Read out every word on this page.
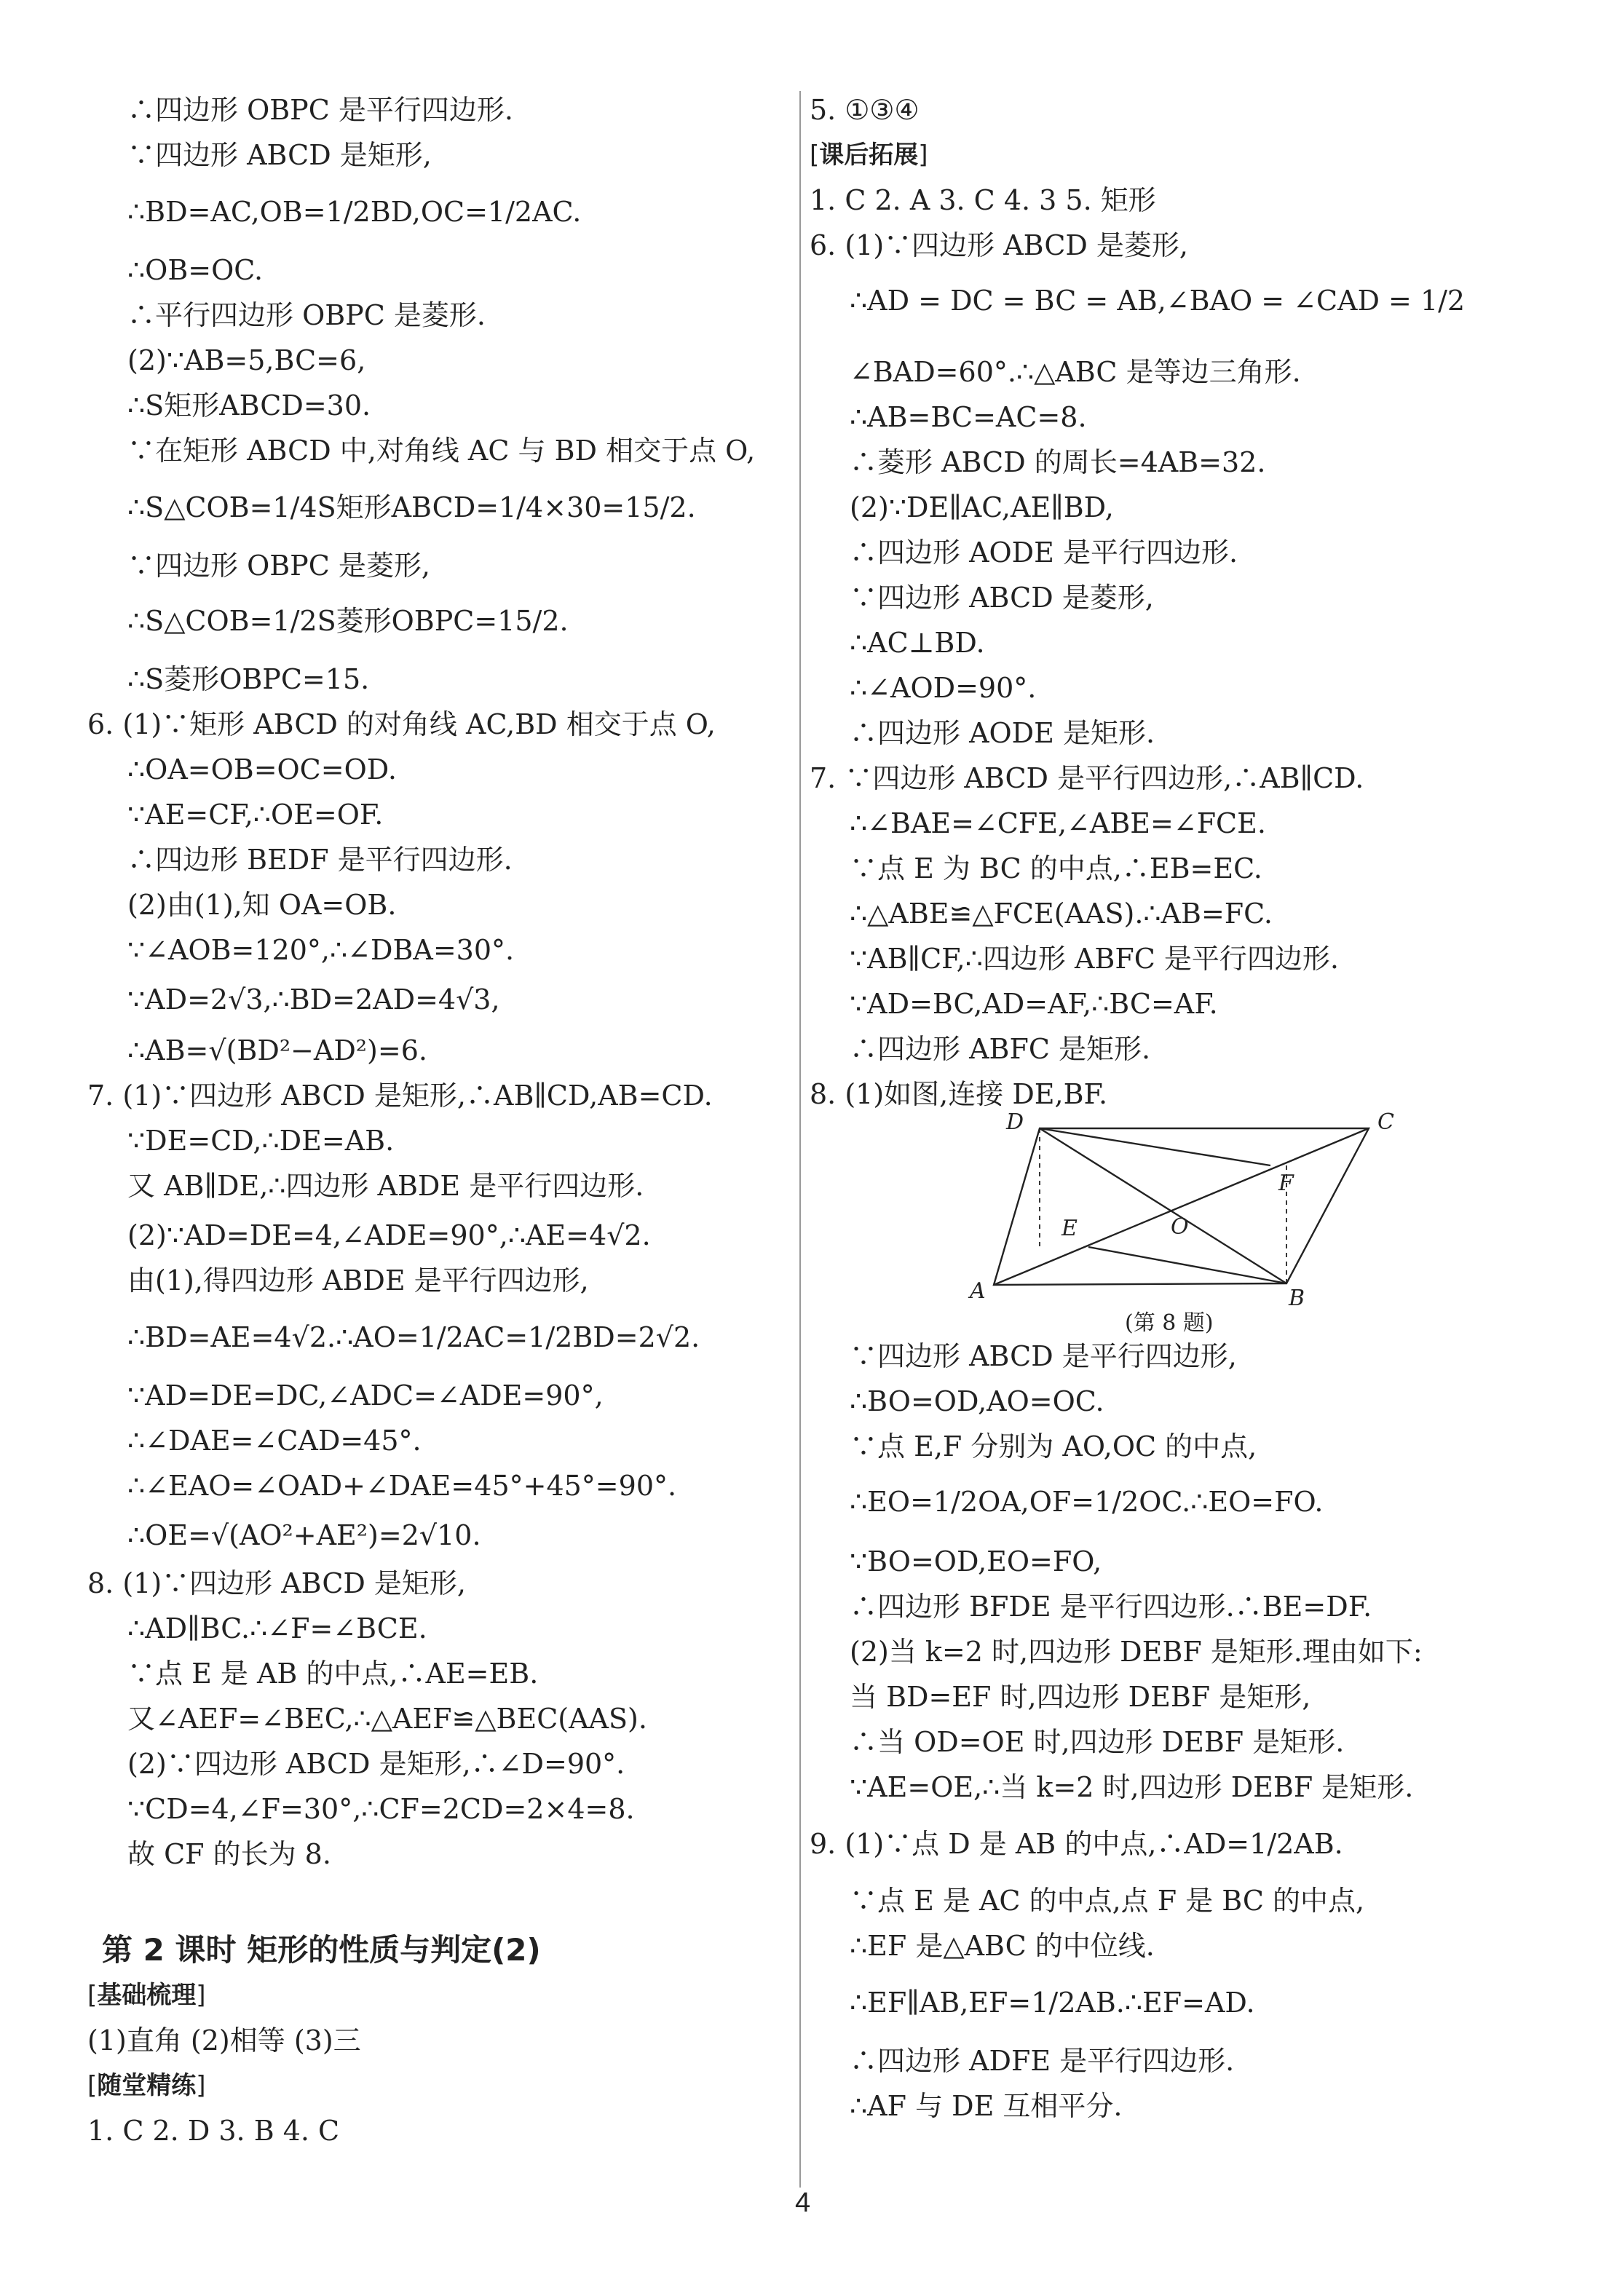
∴四边形 OBPC 是平行四边形.
∵四边形 ABCD 是矩形,
∴BD=AC,OB=1/2BD,OC=1/2AC.
∴OB=OC.
∴平行四边形 OBPC 是菱形.
(2)∵AB=5,BC=6,
∴S矩形ABCD=30.
∵在矩形 ABCD 中,对角线 AC 与 BD 相交于点 O,
∴S△COB=1/4S矩形ABCD=1/4×30=15/2.
∵四边形 OBPC 是菱形,
∴S△COB=1/2S菱形OBPC=15/2.
∴S菱形OBPC=15.
6. (1)∵矩形 ABCD 的对角线 AC,BD 相交于点 O,
∴OA=OB=OC=OD.
∵AE=CF,∴OE=OF.
∴四边形 BEDF 是平行四边形.
(2)由(1),知 OA=OB.
∵∠AOB=120°,∴∠DBA=30°.
∵AD=2√3,∴BD=2AD=4√3,
∴AB=√(BD²−AD²)=6.
7. (1)∵四边形 ABCD 是矩形,∴AB∥CD,AB=CD.
∵DE=CD,∴DE=AB.
又 AB∥DE,∴四边形 ABDE 是平行四边形.
(2)∵AD=DE=4,∠ADE=90°,∴AE=4√2.
由(1),得四边形 ABDE 是平行四边形,
∴BD=AE=4√2.∴AO=1/2AC=1/2BD=2√2.
∵AD=DE=DC,∠ADC=∠ADE=90°,
∴∠DAE=∠CAD=45°.
∴∠EAO=∠OAD+∠DAE=45°+45°=90°.
∴OE=√(AO²+AE²)=2√10.
8. (1)∵四边形 ABCD 是矩形,
∴AD∥BC.∴∠F=∠BCE.
∵点 E 是 AB 的中点,∴AE=EB.
又∠AEF=∠BEC,∴△AEF≌△BEC(AAS).
(2)∵四边形 ABCD 是矩形,∴∠D=90°.
∵CD=4,∠F=30°,∴CF=2CD=2×4=8.
故 CF 的长为 8.
5. ①③④
1. C 2. A 3. C 4. 3 5. 矩形
6. (1)∵四边形 ABCD 是菱形,
∴AD = DC = BC = AB,∠BAO = ∠CAD = 1/2
∠BAD=60°.∴△ABC 是等边三角形.
∴AB=BC=AC=8.
∴菱形 ABCD 的周长=4AB=32.
(2)∵DE∥AC,AE∥BD,
∴四边形 AODE 是平行四边形.
∵四边形 ABCD 是菱形,
∴AC⊥BD.
∴∠AOD=90°.
∴四边形 AODE 是矩形.
7. ∵四边形 ABCD 是平行四边形,∴AB∥CD.
∴∠BAE=∠CFE,∠ABE=∠FCE.
∵点 E 为 BC 的中点,∴EB=EC.
∴△ABE≌△FCE(AAS).∴AB=FC.
∵AB∥CF,∴四边形 ABFC 是平行四边形.
∵AD=BC,AD=AF,∴BC=AF.
∴四边形 ABFC 是矩形.
8. (1)如图,连接 DE,BF.
∵四边形 ABCD 是平行四边形,
∴BO=OD,AO=OC.
∵点 E,F 分别为 AO,OC 的中点,
∴EO=1/2OA,OF=1/2OC.∴EO=FO.
∵BO=OD,EO=FO,
∴四边形 BFDE 是平行四边形.∴BE=DF.
(2)当 k=2 时,四边形 DEBF 是矩形.理由如下:
当 BD=EF 时,四边形 DEBF 是矩形,
∴当 OD=OE 时,四边形 DEBF 是矩形.
∵AE=OE,∴当 k=2 时,四边形 DEBF 是矩形.
9. (1)∵点 D 是 AB 的中点,∴AD=1/2AB.
∵点 E 是 AC 的中点,点 F 是 BC 的中点,
∴EF 是△ABC 的中位线.
∴EF∥AB,EF=1/2AB.∴EF=AD.
∴四边形 ADFE 是平行四边形.
∴AF 与 DE 互相平分.
第 2 课时 矩形的性质与判定(2)
[ 基础梳理 ]
(1)直角 (2)相等 (3)三
[ 随堂精练 ]
1. C 2. D 3. B 4. C
[ 课后拓展 ]
A	B
C
D
E
F
O
(第 8 题)
4
